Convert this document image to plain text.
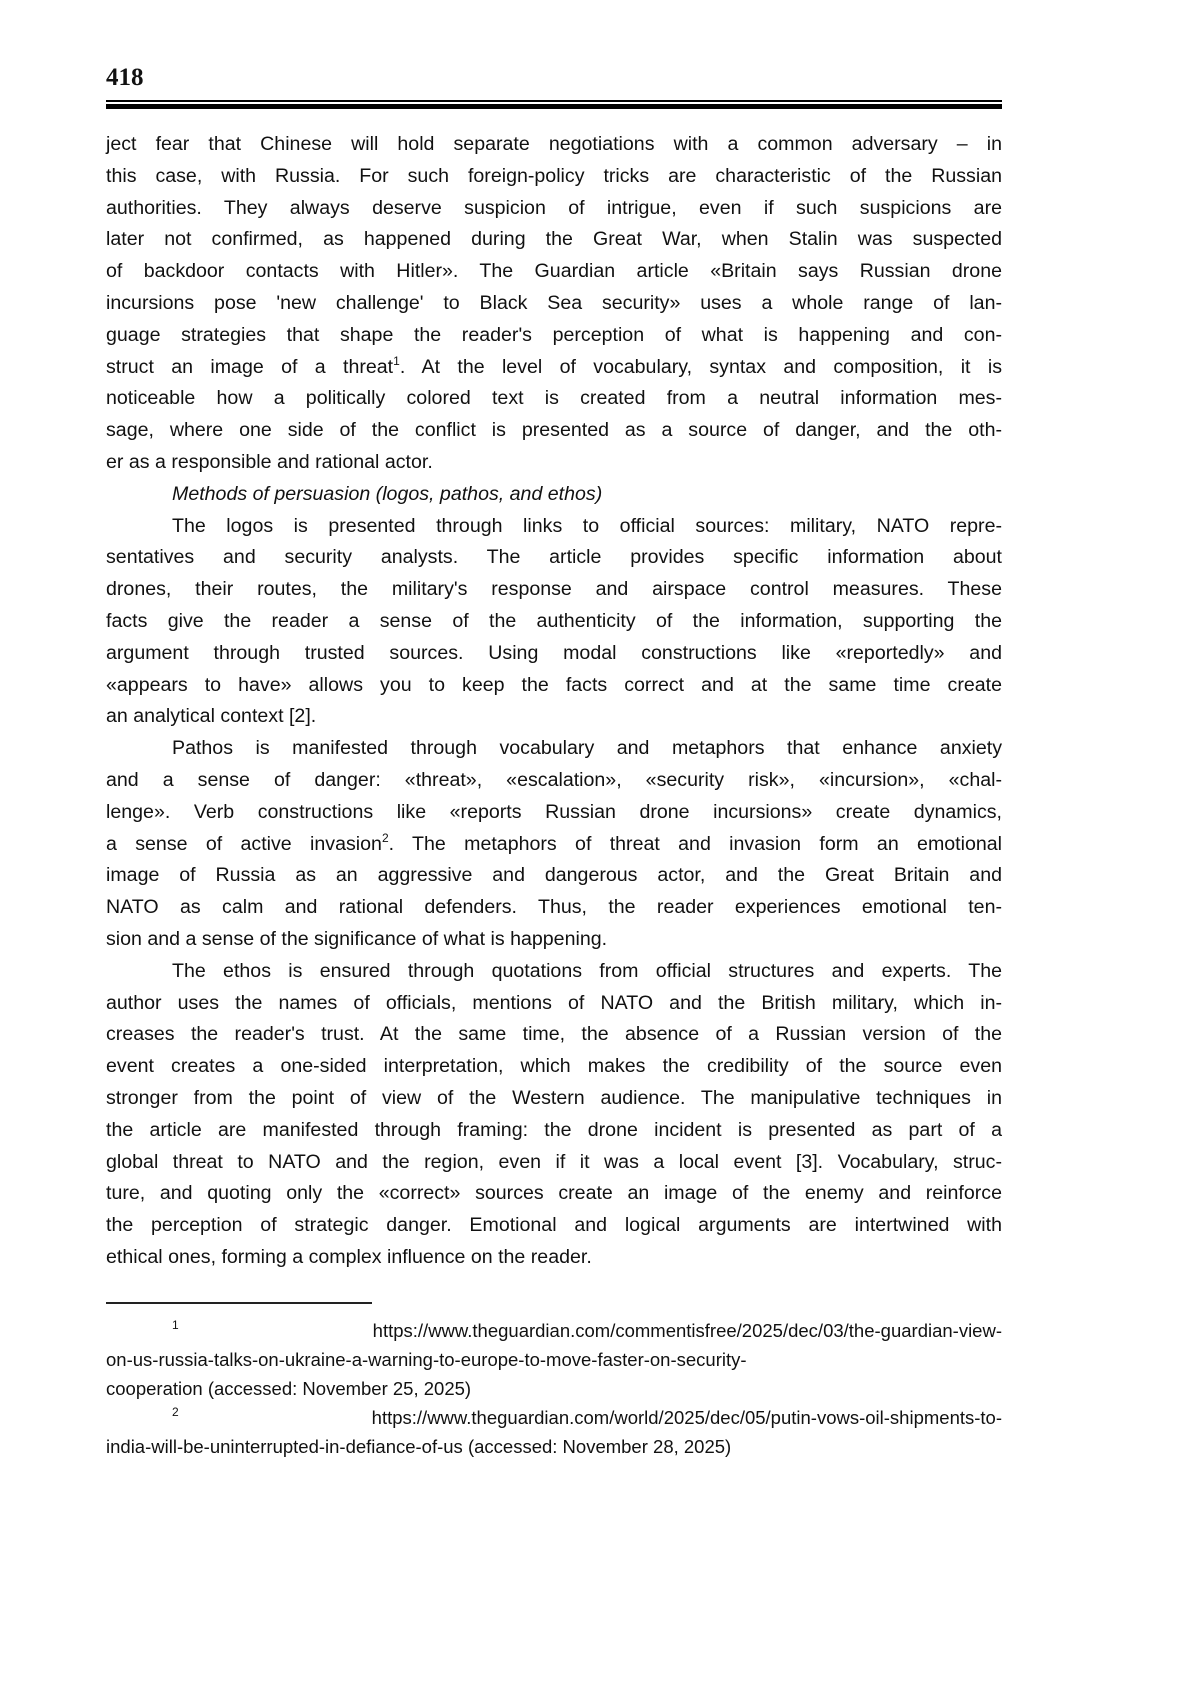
418
ject fear that Chinese will hold separate negotiations with a common adversary – in
this case, with Russia. For such foreign-policy tricks are characteristic of the Russian
authorities. They always deserve suspicion of intrigue, even if such suspicions are
later not confirmed, as happened during the Great War, when Stalin was suspected
of backdoor contacts with Hitler». The Guardian article «Britain says Russian drone
incursions pose 'new challenge' to Black Sea security» uses a whole range of lan-
guage strategies that shape the reader's perception of what is happening and con-
struct an image of a threat$^1$. At the level of vocabulary, syntax and composition, it is
noticeable how a politically colored text is created from a neutral information mes-
sage, where one side of the conflict is presented as a source of danger, and the oth-
er as a responsible and rational actor.
Methods of persuasion (logos, pathos, and ethos)
The logos is presented through links to official sources: military, NATO repre-
sentatives and security analysts. The article provides specific information about
drones, their routes, the military's response and airspace control measures. These
facts give the reader a sense of the authenticity of the information, supporting the
argument through trusted sources. Using modal constructions like «reportedly» and
«appears to have» allows you to keep the facts correct and at the same time create
an analytical context [2].
Pathos is manifested through vocabulary and metaphors that enhance anxiety
and a sense of danger: «threat», «escalation», «security risk», «incursion», «chal-
lenge». Verb constructions like «reports Russian drone incursions» create dynamics,
a sense of active invasion$^2$. The metaphors of threat and invasion form an emotional
image of Russia as an aggressive and dangerous actor, and the Great Britain and
NATO as calm and rational defenders. Thus, the reader experiences emotional ten-
sion and a sense of the significance of what is happening.
The ethos is ensured through quotations from official structures and experts. The
author uses the names of officials, mentions of NATO and the British military, which in-
creases the reader's trust. At the same time, the absence of a Russian version of the
event creates a one-sided interpretation, which makes the credibility of the source even
stronger from the point of view of the Western audience. The manipulative techniques in
the article are manifested through framing: the drone incident is presented as part of a
global threat to NATO and the region, even if it was a local event [3]. Vocabulary, struc-
ture, and quoting only the «correct» sources create an image of the enemy and reinforce
the perception of strategic danger. Emotional and logical arguments are intertwined with
ethical ones, forming a complex influence on the reader.
$^1$ https://www.theguardian.com/commentisfree/2025/dec/03/the-guardian-view-
on-us-russia-talks-on-ukraine-a-warning-to-europe-to-move-faster-on-security-
cooperation (accessed: November 25, 2025)
$^2$ https://www.theguardian.com/world/2025/dec/05/putin-vows-oil-shipments-to-
india-will-be-uninterrupted-in-defiance-of-us (accessed: November 28, 2025)
